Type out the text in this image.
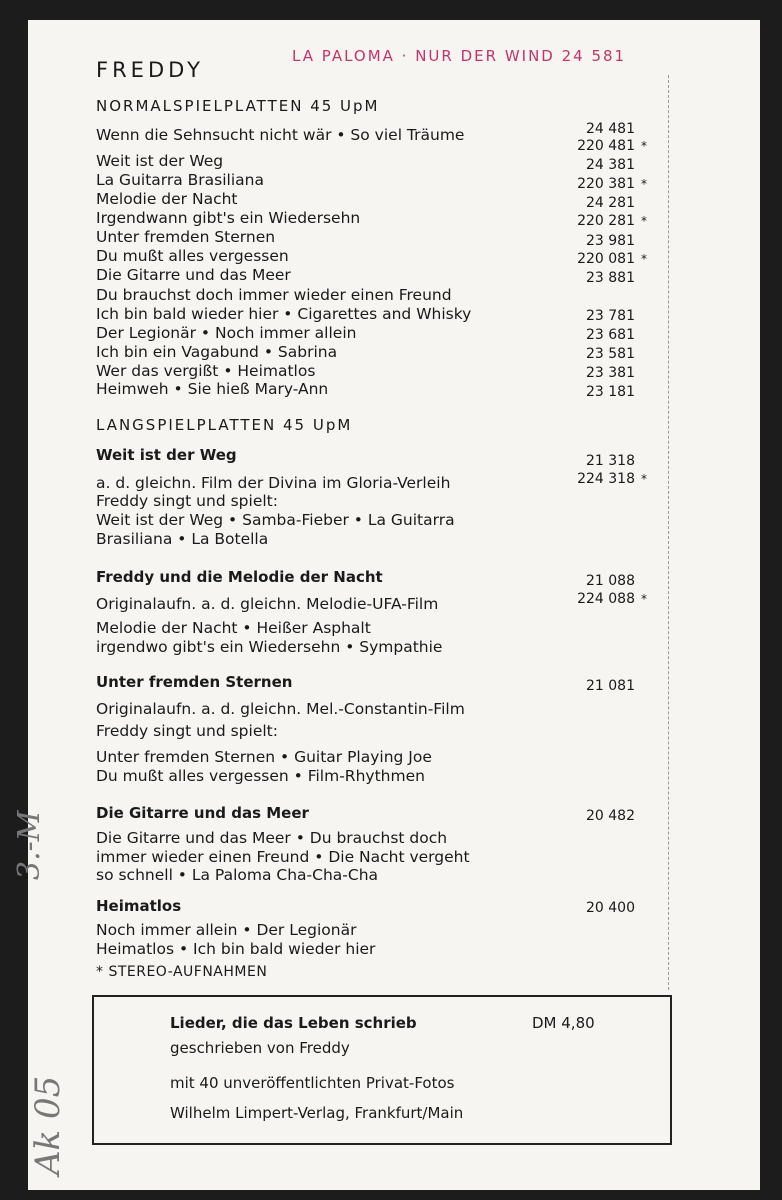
FREDDY
LA PALOMA · NUR DER WIND 24 581
NORMALSPIELPLATTEN 45 UpM
Wenn die Sehnsucht nicht wär • So viel Träume
Weit ist der Weg
La Guitarra Brasiliana
Melodie der Nacht
Irgendwann gibt's ein Wiedersehn
Unter fremden Sternen
Du mußt alles vergessen
Die Gitarre und das Meer
Du brauchst doch immer wieder einen Freund
Ich bin bald wieder hier • Cigarettes and Whisky
Der Legionär • Noch immer allein
Ich bin ein Vagabund • Sabrina
Wer das vergißt • Heimatlos
Heimweh • Sie hieß Mary-Ann
24 481
220 481 *
24 381
220 381 *
24 281
220 281 *
23 981
220 081 *
23 881
23 781
23 681
23 581
23 381
23 181
LANGSPIELPLATTEN 45 UpM
Weit ist der Weg
a. d. gleichn. Film der Divina im Gloria-Verleih
Freddy singt und spielt:
Weit ist der Weg • Samba-Fieber • La Guitarra
Brasiliana • La Botella
21 318
224 318 *
Freddy und die Melodie der Nacht
Originalaufn. a. d. gleichn. Melodie-UFA-Film
Melodie der Nacht • Heißer Asphalt
irgendwo gibt's ein Wiedersehn • Sympathie
21 088
224 088 *
Unter fremden Sternen
Originalaufn. a. d. gleichn. Mel.-Constantin-Film
Freddy singt und spielt:
Unter fremden Sternen • Guitar Playing Joe
Du mußt alles vergessen • Film-Rhythmen
21 081
Die Gitarre und das Meer
Die Gitarre und das Meer • Du brauchst doch
immer wieder einen Freund • Die Nacht vergeht
so schnell • La Paloma Cha-Cha-Cha
20 482
Heimatlos
Noch immer allein • Der Legionär
Heimatlos • Ich bin bald wieder hier
20 400
* STEREO-AUFNAHMEN
Lieder, die das Leben schrieb	DM 4,80
geschrieben von Freddy
mit 40 unveröffentlichten Privat-Fotos
Wilhelm Limpert-Verlag, Frankfurt/Main
3.-M
Ak 05
